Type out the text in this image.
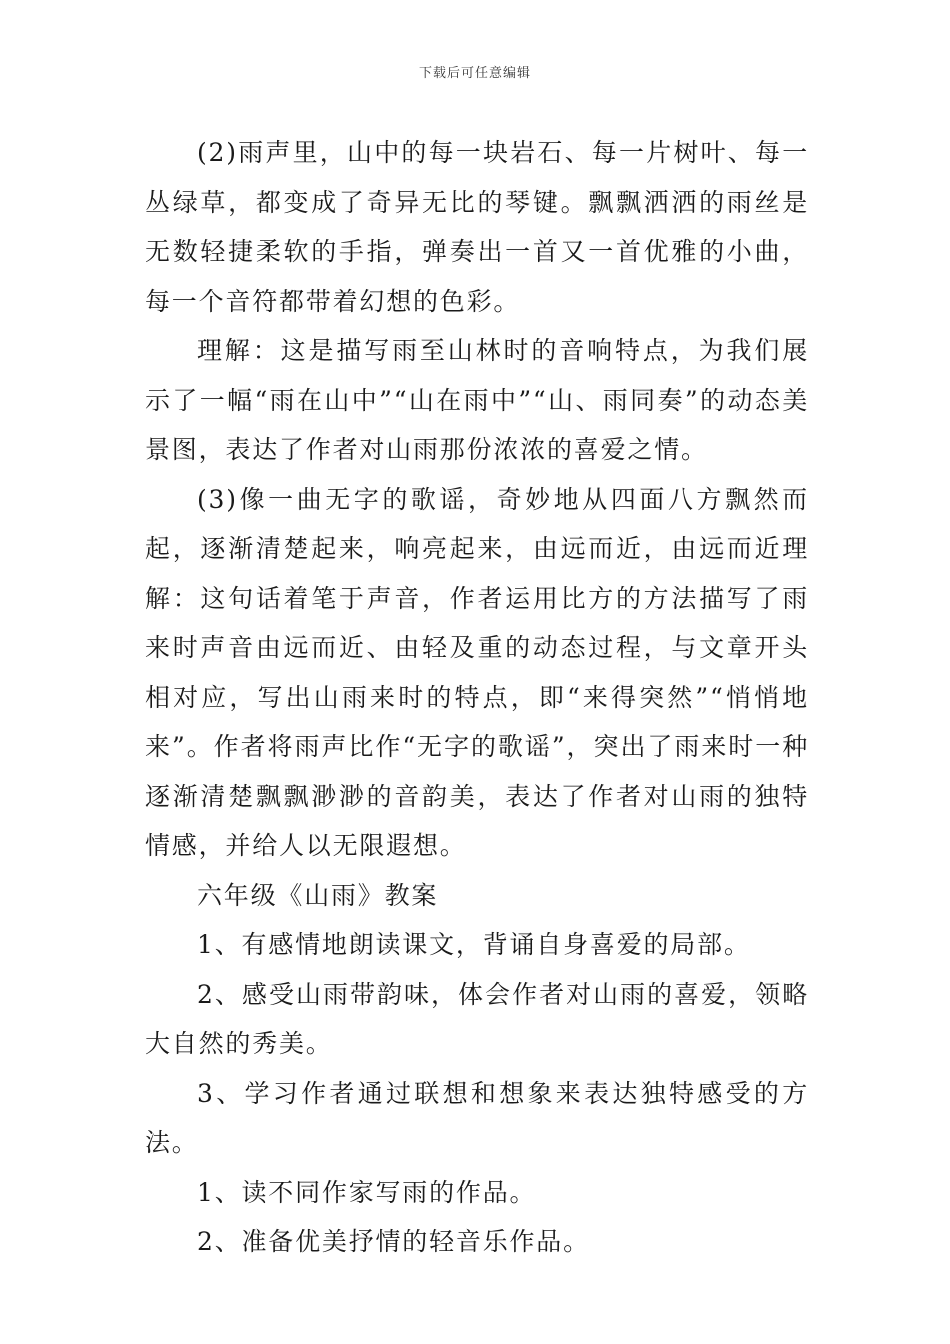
下载后可任意编辑

(2)雨声里，山中的每一块岩石、每一片树叶、每一丛绿草，都变成了奇异无比的琴键。飘飘洒洒的雨丝是无数轻捷柔软的手指，弹奏出一首又一首优雅的小曲，每一个音符都带着幻想的色彩。

理解：这是描写雨至山林时的音响特点，为我们展示了一幅“雨在山中”“山在雨中”“山、雨同奏”的动态美景图，表达了作者对山雨那份浓浓的喜爱之情。

(3)像一曲无字的歌谣，奇妙地从四面八方飘然而起，逐渐清楚起来，响亮起来，由远而近，由远而近理解：这句话着笔于声音，作者运用比方的方法描写了雨来时声音由远而近、由轻及重的动态过程，与文章开头相对应，写出山雨来时的特点，即“来得突然”“悄悄地来”。作者将雨声比作“无字的歌谣”，突出了雨来时一种逐渐清楚飘飘渺渺的音韵美，表达了作者对山雨的独特情感，并给人以无限遐想。

六年级《山雨》教案

1、有感情地朗读课文，背诵自身喜爱的局部。

2、感受山雨带韵味，体会作者对山雨的喜爱，领略大自然的秀美。

3、学习作者通过联想和想象来表达独特感受的方法。

1、读不同作家写雨的作品。

2、准备优美抒情的轻音乐作品。
